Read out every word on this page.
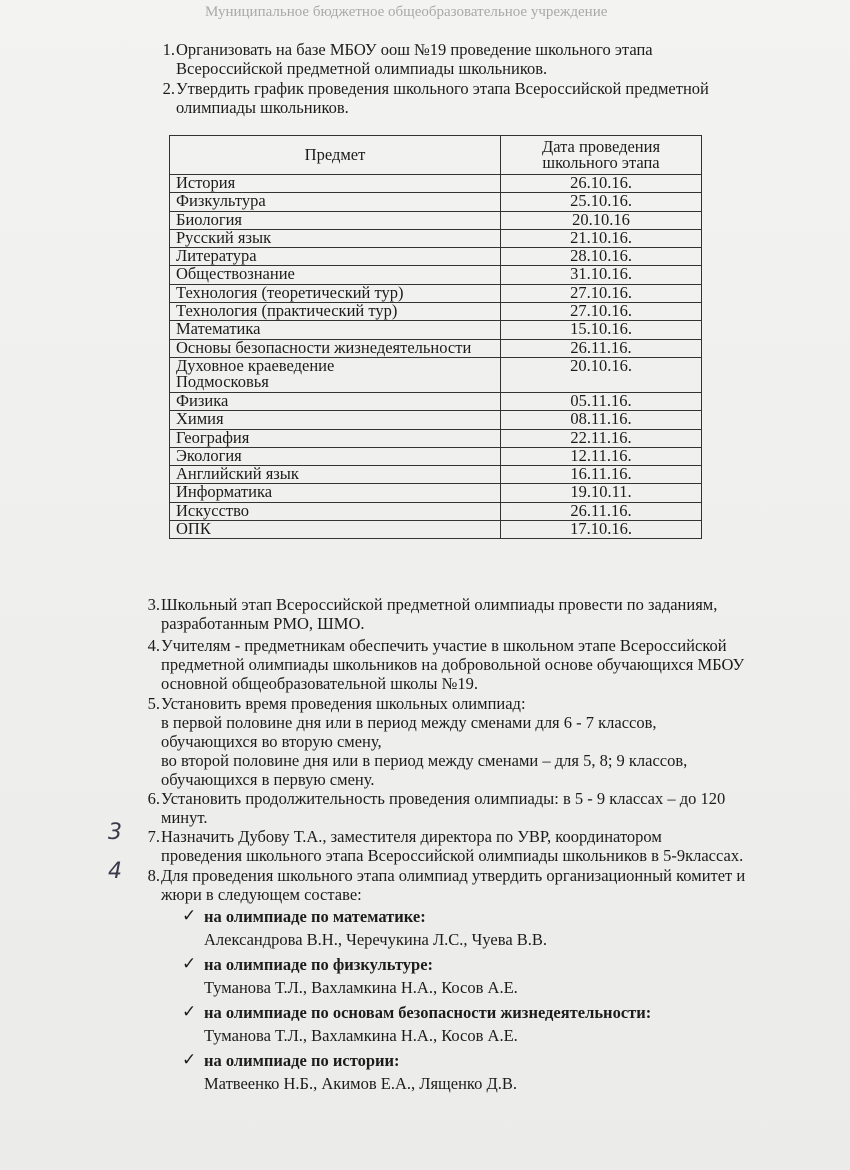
Муниципальное бюджетное общеобразовательное учреждение
1. Организовать на базе МБОУ оош №19 проведение школьного этапа
Всероссийской предметной олимпиады школьников.
2. Утвердить график проведения школьного этапа Всероссийской предметной
олимпиады школьников.
Предмет	Дата проведения
школьного этапа
История	26.10.16.
Физкультура	25.10.16.
Биология	20.10.16
Русский язык	21.10.16.
Литература	28.10.16.
Обществознание	31.10.16.
Технология (теоретический тур)	27.10.16.
Технология (практический тур)	27.10.16.
Математика	15.10.16.
Основы безопасности жизнедеятельности	26.11.16.
Духовное краеведение
Подмосковья	20.10.16.
Физика	05.11.16.
Химия	08.11.16.
География	22.11.16.
Экология	12.11.16.
Английский язык	16.11.16.
Информатика	19.10.11.
Искусство	26.11.16.
ОПК	17.10.16.
3. Школьный этап Всероссийской предметной олимпиады провести по заданиям,
разработанным РМО, ШМО.
4. Учителям - предметникам обеспечить участие в школьном этапе Всероссийской
предметной олимпиады школьников на добровольной основе обучающихся МБОУ
основной общеобразовательной школы №19.
5. Установить время проведения школьных олимпиад:
в первой половине дня или в период между сменами для 6 - 7 классов,
обучающихся во вторую смену,
во второй половине дня или в период между сменами – для 5, 8; 9 классов,
обучающихся в первую смену.
6. Установить продолжительность проведения олимпиады: в 5 - 9 классах – до 120
минут.
3	7. Назначить Дубову Т.А., заместителя директора по УВР, координатором
проведения школьного этапа Всероссийской олимпиады школьников в 5-9классах.
4	8. Для проведения школьного этапа олимпиад утвердить организационный комитет и
жюри в следующем составе:
✓ на олимпиаде по математике:
Александрова В.Н., Черечукина Л.С., Чуева В.В.
✓ на олимпиаде по физкультуре:
Туманова Т.Л., Вахламкина Н.А., Косов А.Е.
✓ на олимпиаде по основам безопасности жизнедеятельности:
Туманова Т.Л., Вахламкина Н.А., Косов А.Е.
✓ на олимпиаде по истории:
Матвеенко Н.Б., Акимов Е.А., Лященко Д.В.
